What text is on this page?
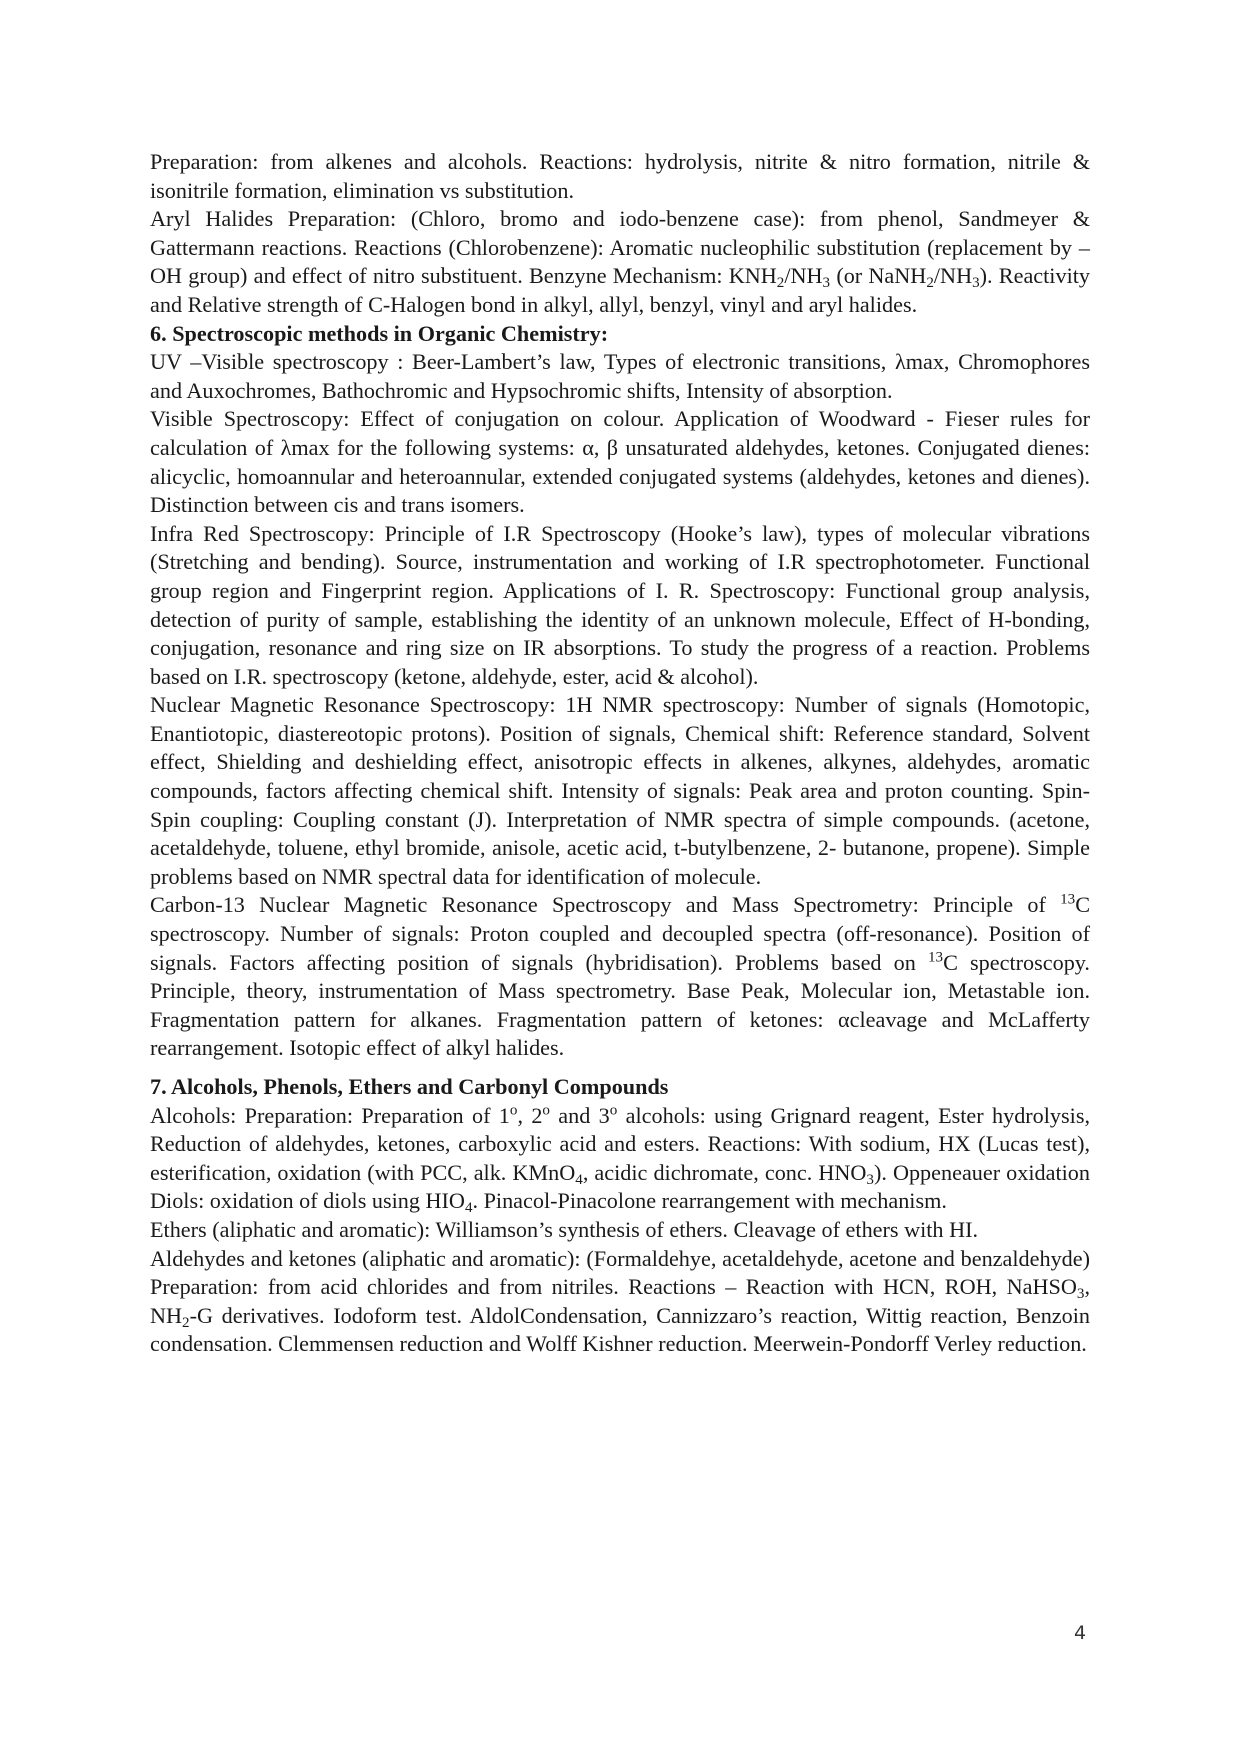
Preparation: from alkenes and alcohols. Reactions: hydrolysis, nitrite & nitro formation, nitrile & isonitrile formation, elimination vs substitution.

Aryl Halides Preparation: (Chloro, bromo and iodo-benzene case): from phenol, Sandmeyer & Gattermann reactions. Reactions (Chlorobenzene): Aromatic nucleophilic substitution (replacement by –OH group) and effect of nitro substituent. Benzyne Mechanism: $KNH_2/NH_3$ (or $NaNH_2/NH_3$). Reactivity and Relative strength of C-Halogen bond in alkyl, allyl, benzyl, vinyl and aryl halides.

6. Spectroscopic methods in Organic Chemistry:

UV –Visible spectroscopy : Beer-Lambert’s law, Types of electronic transitions, λmax, Chromophores and Auxochromes, Bathochromic and Hypsochromic shifts, Intensity of absorption.

Visible Spectroscopy: Effect of conjugation on colour. Application of Woodward - Fieser rules for calculation of λmax for the following systems: α, β unsaturated aldehydes, ketones. Conjugated dienes: alicyclic, homoannular and heteroannular, extended conjugated systems (aldehydes, ketones and dienes). Distinction between cis and trans isomers.

Infra Red Spectroscopy: Principle of I.R Spectroscopy (Hooke’s law), types of molecular vibrations (Stretching and bending). Source, instrumentation and working of I.R spectrophotometer. Functional group region and Fingerprint region. Applications of I. R. Spectroscopy: Functional group analysis, detection of purity of sample, establishing the identity of an unknown molecule, Effect of H-bonding, conjugation, resonance and ring size on IR absorptions. To study the progress of a reaction. Problems based on I.R. spectroscopy (ketone, aldehyde, ester, acid & alcohol).

Nuclear Magnetic Resonance Spectroscopy: 1H NMR spectroscopy: Number of signals (Homotopic, Enantiotopic, diastereotopic protons). Position of signals, Chemical shift: Reference standard, Solvent effect, Shielding and deshielding effect, anisotropic effects in alkenes, alkynes, aldehydes, aromatic compounds, factors affecting chemical shift. Intensity of signals: Peak area and proton counting. Spin-Spin coupling: Coupling constant (J). Interpretation of NMR spectra of simple compounds. (acetone, acetaldehyde, toluene, ethyl bromide, anisole, acetic acid, t-butylbenzene, 2- butanone, propene). Simple problems based on NMR spectral data for identification of molecule.

Carbon-13 Nuclear Magnetic Resonance Spectroscopy and Mass Spectrometry: Principle of $^{13}$C spectroscopy. Number of signals: Proton coupled and decoupled spectra (off-resonance). Position of signals. Factors affecting position of signals (hybridisation). Problems based on $^{13}$C spectroscopy. Principle, theory, instrumentation of Mass spectrometry. Base Peak, Molecular ion, Metastable ion. Fragmentation pattern for alkanes. Fragmentation pattern of ketones: αcleavage and McLafferty rearrangement. Isotopic effect of alkyl halides.

7. Alcohols, Phenols, Ethers and Carbonyl Compounds

Alcohols: Preparation: Preparation of 1$^o$, 2$^o$ and 3$^o$ alcohols: using Grignard reagent, Ester hydrolysis, Reduction of aldehydes, ketones, carboxylic acid and esters. Reactions: With sodium, HX (Lucas test), esterification, oxidation (with PCC, alk. KMnO$_4$, acidic dichromate, conc. $HNO_3$). Oppeneauer oxidation Diols: oxidation of diols using $HIO_4$. Pinacol-Pinacolone rearrangement with mechanism.

Ethers (aliphatic and aromatic): Williamson’s synthesis of ethers. Cleavage of ethers with HI.

Aldehydes and ketones (aliphatic and aromatic): (Formaldehye, acetaldehyde, acetone and benzaldehyde) Preparation: from acid chlorides and from nitriles. Reactions – Reaction with HCN, ROH, NaHSO$_3$, $NH_2-G$ derivatives. Iodoform test. AldolCondensation, Cannizzaro’s reaction, Wittig reaction, Benzoin condensation. Clemmensen reduction and Wolff Kishner reduction. Meerwein-Pondorff Verley reduction.

4
